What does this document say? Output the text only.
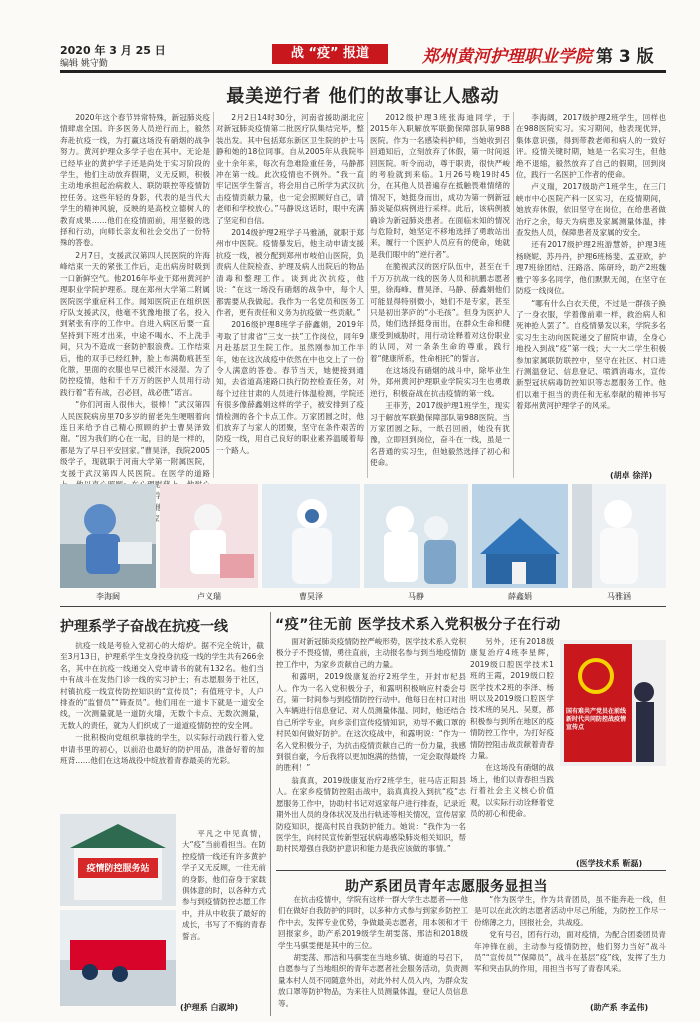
2020 年 3 月 25 日
编辑 姚守勤
战 “疫” 报道	郑州黄河护理职业学院 第 3 版
最美逆行者 他们的故事让人感动

2020年这个春节异常特殊，新冠肺炎疫情肆虐全国。许多医务人员逆行而上，毅然奔赴抗疫一线，为打赢这场没有硝烟的战争努力。黄河护理众多学子也在其中。无论是已经毕业的黄护学子还是尚处于实习阶段的学生，他们主动放弃假期，义无反顾，积极主动地承担起治病救人、联防联控等疫情防控任务。这些年轻的身影，代表的是当代大学生的精神风貌，反映的是高校立德树人的教育成果……他们在疫情面前，用坚毅的选择和行动，向师长亲友和社会交出了一份特殊的答卷。

2月7日，支援武汉第四人民医院的许海峰结束一天的紧张工作后，走出病房时吸到一口新鲜空气。他2016年毕业于郑州黄河护理职业学院护理系。现在郑州大学第二附属医院医学重症科工作。闻知医院正在组织医疗队支援武汉，他毫不犹豫地报了名，投入到紧张有序的工作中。自进入病区后要一直坚持到下班才出来，中途不喝水、不上洗手间，只为不造成一套防护服浪费。工作结束后，他的双手已经红肿，脸上布满勒痕甚至化脓，里面的衣服也早已被汗水浸湿。为了防控疫情，他和千千万万的医护人员用行动践行着“若有战，召必回，战必胜”诺言。

“你们河南人很伟大，很棒！”武汉第四人民医院病房里70多岁的留老先生哽咽着向连日来给予自己精心照顾的护士曹昊泽致谢。“因为我们的心在一起，目的是一样的，都是为了早日平安回家。”曹昊泽，我院2005级学子，现就职于河南大学第一附属医院，支援于武汉第四人民医院。在医学的道路 慰 科学合 他 家

2月2日14时30分，河南省援助湖北应对新冠肺炎疫情第二批医疗队集结完毕，整装出发。其中包括郑东新区卫生院的护士马静和她的18位同事。自从2005年从我院毕业十余年来，每次有急难险重任务，马静都冲在第一线。此次疫情也不例外。“我一直牢记医学生誓言，将会用自己所学为武汉抗击疫情贡献力量，也一定会照顾好自己，请老师和学校放心。”马静说这话时，眼中充满了坚定和自信。

2014级护理2班学子马雅涵，就职于郑州市中医院。疫情暴发后，他主动申请支援抗疫一线，被分配到郑州市岐伯山医院，负责病人住院检查、护理及病人出院后的物品清毒和整理工作。谈到此次抗疫，他说：“在这一场没有硝烟的战争中，每个人都需要从我做起。我作为一名党员和医务工作者，更有责任和义务为抗疫做一些贡献。”

2016级护理8班学子薛鑫娟，2019年考取了甘肃省“三支一扶”工作岗位，同年9月赴基层卫生院工作。虽然刚参加工作半年，她在这次战疫中依然在中也交上了一份令人满意的答卷。春节当天，她便接到通知，去省道高速路口执行防控检查任务，对每个过往甘肃的人员进行体温检测，学院还有很多像薛鑫娟这样的学子，被安排到了疫情检测的各个卡点工作。万家团圆之时，他们放弃了与家人的团聚，坚守在条件艰苦的防疫一线，用自己良好的职业素养温暖着每一个路人。

2012级护理3班张海迪同学，于2015年入职解放军联勤保障部队第988医院。作为一名感染科护师，当她收到召回通知后，立刻放弃了休假，第一时间返回医院。听令而动，尊于职责，很快严峻的考验就到来临。1月26号晚19时45分，在其他人员普遍存在抵触畏难情绪的情况下，她挺身而出，成功为第一例新冠肺炎疑似病例进行采样。此后，该病例被确诊为新冠肺炎患者。在面临未知的情况与危险时，她坚定不移地选择了勇敢站出来，履行一个医护人员应有的使命，她就是我们眼中的“逆行者”。

在脆视武汉的医疗队伍中，甚至在千千万万抗战一线的医务人员和抗鹏志愿者里，徐海峰、曹昊泽、马静、薛鑫娟他们可能显得特别微小，她们不是专家，甚至只是初出茅庐的“小毛孩”。但身为医护人员，她们选择挺身而出，在群众生命和健康受到威胁时，用行动诠释着对这份职业的认同，对一条条生命的尊重，践行着“健康所系，性命相托”的誓言。

在这场没有硝烟的战斗中，除毕业生外，郑州黄河护理职业学院实习生也勇敢逆行，积极奋战在抗击疫情的第一线。

王菲芳，2017级护理1班学生，现实习于解放军联勤保障部队第988医院。当万家团圆之际，一纸召回函，她没有犹豫，立即回到岗位，奋斗在一线，虽是一名普通的实习生，但她毅然选择了初心和使命。

李海阔，2017级护理2班学生，回样也在988医院实习。实习期间，他表现优异，集体意识强，得到带教老师和病人的一致好评。疫情关键时期，她是一名实习生，但他绝不退缩，毅然放弃了自己的假期，回到岗位，践行一名医护工作者的使命。

卢义瑞，2017级助产1班学生，在三门峡市中心医院产科一区实习，在疫情期间，她放弃休假，依旧坚守在岗位，在给患者做治疗之余，每天为病患及家属测量体温，排查发热人员，保障患者及家属的安全。

还有2017级护理2班游慧娇，护理3班杨晓妮、苏丹丹，护理6班杨斐、孟亚欧，护理7班徐团结、汪路洛、陈研玲，助产2班魏雅宁等多名同学，他们默默无闻，在坚守在防疫一线岗位。

“哪有什么白衣天使，不过是一群孩子换了一身衣服，学着像前辈一样，救治病人和死神抢人罢了”。自疫情暴发以来，学院多名实习生主动向医院递交了留院申请，全身心地投入到战“疫”第一线；大一大二学生积极参加家属联防联控中，坚守在社区、村口进行测温登记、信息登记、喷洒消毒水，宣传新型冠状病毒防控知识等志愿服务工作。他们以难于担当的责任和无私奉献的精神书写着郑州黄河护理学子的风采。

(胡卓 徐洋)
李海阔	卢义瑞	曹昊泽	马静	薛鑫娟	马雅涵
护理系学子奋战在抗疫一线

抗疫一线是考验入党初心的大熔炉。据不完全统计，截至3月13日，护理系学生支身投身抗疫一线的学生共有266余名，其中在抗疫一线递交入党申请书的就有132名。他们当中有战斗在发热门诊一线的实习护士；有志愿服务于社区，村镇抗疫一线宣传防控知识的“宣传员”；有值班守卡，人户排查的“监督员”“筛查员”。他们用在一道卡下就是一道安全线，一次测量就是一道防火墙，无数个卡点、无数次测量，无数人的责任，就为人们织成了一道道疫情防控的安全网。

一批积极向党组织靠拢的学生，以实际行动践行着入党申请书里的初心，以前沿也最好的防护用品，准备好着的加班背……他们在这场战役中绽放着青春最美的光彩。

疫情防控服务站

平凡之中见真情，大“疫”当前看担当。在防控疫情一线还有许多黄护学子又无反顾，一往无前的身影，他们奋身于家载俱体意的时，以各种方式参与到疫情防控志愿工作中，并从中收获了最好的成长，书写了不悔的青春誓言。

(护理系 白淑坤)
“疫”往无前 医学技术系入党积极分子在行动

面对新冠肺炎疫情防控严峻形势，医学技术系入党积极分子不畏疫情，勇往直前，主动报名参与到当地疫情防控工作中，为家乡贡献自己的力量。

和露明，2019级康复治疗2班学生，开封市杞县人。作为一名入党积极分子，和露明积极响应村委会号召，第一时间参与到疫情防控行动中。他每日在村口对出入车辆进行信息登记、对人员测量体温、同时，他还结合自己所学专业，向乡亲们宣传疫情知识，劝导不戴口罩的村民如何做好防护。在这次疫战中，和露明说：“作为一名入党积极分子，为抗击疫情贡献自己的一份力量，我感到很自豪，今后我将以更加饱满的热情，一定会取得最终的胜利！”

翁真真，2019级康复治疗2班学生，驻马店正阳县人。在家乡疫情防控阻击战中，翁真真投入到抗“疫”志愿服务工作中，协助村书记对返家每户进行排查，记录近期外出人员的身体状况及出行轨迹等相关情况，宣传居家防疫知识，提高村民自我防护能力。她说：“我作为一名医学生，向村民宣传新型冠状病毒感染肺炎相关知识，帮助村民增强自我防护意识和能力是我应该做的事情。”

另外，还有2018级康复治疗4班李星辉，2019级口腔医学技术1班的王霞，2019级口腔医学技术2班的李泽、杨明以及2019级口腔医学技术班的吴凡、吴夏，都积极参与到所在地区的疫情防控工作中，为打好疫情防控阻击战贡献着青春力量。

在这场没有硝烟的战场上，他们以青春担当践行着社会主义核心价值观，以实际行动诠释着党员的初心和使命。

国有难共产党员在前线 新时代共同防控战疫情 宣传点
(医学技术系 靳磊)
助产系团员青年志愿服务显担当

在抗击疫情中，学院有这样一群大学生志愿者——他们在做好自我防护的同时，以多种方式参与到家乡防控工作中去，发挥专业优势，争做最美志愿者，用本领和才干回报家乡，助产系2019级学生胡雯荡、邢洁和2018级学生马骐雯便是其中的三位。

胡雯荡、邢洁和马骐雯在当地乡镇、街道的号召下，自愿参与了当地组织的青年志愿者社会服务活动，负责测量本村人员不同随意外出，对此外村人员入内，为群众发放口罩等防护物品，为来往人员测量体温，登记人员信息等。

“作为医学生，作为共青团员，虽不能奔赴一线，但是可以在此次的志愿者活动中尽己所能，为防控工作尽一份绵薄之力，回报社会，共战疫。

党有号召，团有行动，面对疫情，为配合团委团员青年冲锋在前，主动参与疫情防控，他们努力当好“战斗员”“宣传员”“保障员”，战斗在基层“疫”线，发挥了生力军和突击队的作用，用担当书写了青春风采。

(助产系 李孟伟)
